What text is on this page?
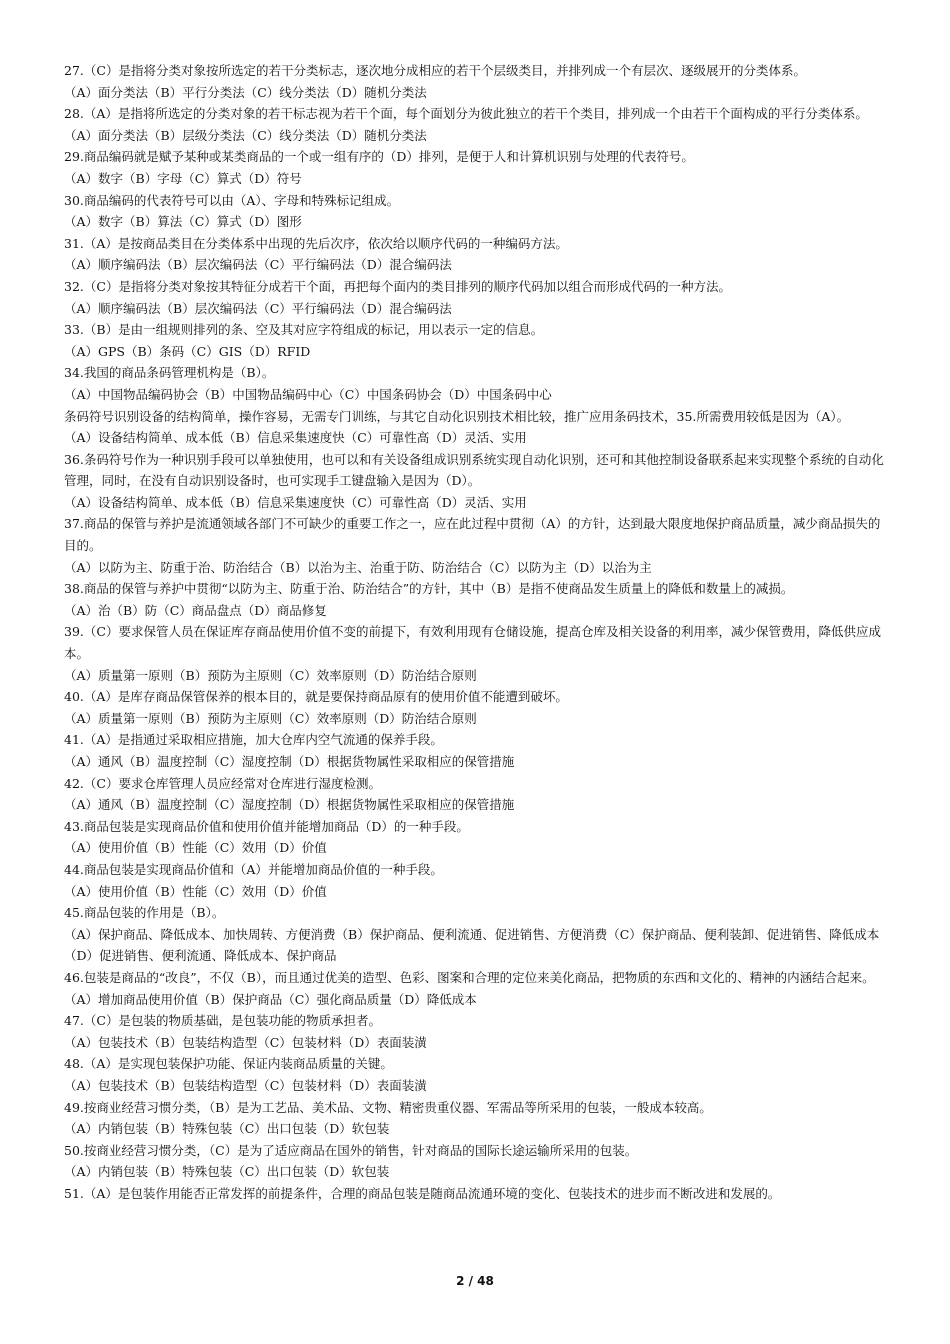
27.（C）是指将分类对象按所选定的若干分类标志，逐次地分成相应的若干个层级类目，并排列成一个有层次、逐级展开的分类体系。

（A）面分类法（B）平行分类法（C）线分类法（D）随机分类法

28.（A）是指将所选定的分类对象的若干标志视为若干个面，每个面划分为彼此独立的若干个类目，排列成一个由若干个面构成的平行分类体系。

（A）面分类法（B）层级分类法（C）线分类法（D）随机分类法

29.商品编码就是赋予某种或某类商品的一个或一组有序的（D）排列，是便于人和计算机识别与处理的代表符号。

（A）数字（B）字母（C）算式（D）符号

30.商品编码的代表符号可以由（A）、字母和特殊标记组成。

（A）数字（B）算法（C）算式（D）图形

31.（A）是按商品类目在分类体系中出现的先后次序，依次给以顺序代码的一种编码方法。

（A）顺序编码法（B）层次编码法（C）平行编码法（D）混合编码法

32.（C）是指将分类对象按其特征分成若干个面，再把每个面内的类目排列的顺序代码加以组合而形成代码的一种方法。

（A）顺序编码法（B）层次编码法（C）平行编码法（D）混合编码法

33.（B）是由一组规则排列的条、空及其对应字符组成的标记，用以表示一定的信息。

（A）GPS（B）条码（C）GIS（D）RFID

34.我国的商品条码管理机构是（B）。

（A）中国物品编码协会（B）中国物品编码中心（C）中国条码协会（D）中国条码中心

条码符号识别设备的结构简单，操作容易，无需专门训练，与其它自动化识别技术相比较，推广应用条码技术，35.所需费用较低是因为（A）。

（A）设备结构简单、成本低（B）信息采集速度快（C）可靠性高（D）灵活、实用

36.条码符号作为一种识别手段可以单独使用，也可以和有关设备组成识别系统实现自动化识别，还可和其他控制设备联系起来实现整个系统的自动化管理，同时，在没有自动识别设备时，也可实现手工键盘输入是因为（D）。

（A）设备结构简单、成本低（B）信息采集速度快（C）可靠性高（D）灵活、实用

37.商品的保管与养护是流通领域各部门不可缺少的重要工作之一，应在此过程中贯彻（A）的方针，达到最大限度地保护商品质量，减少商品损失的目的。

（A）以防为主、防重于治、防治结合（B）以治为主、治重于防、防治结合（C）以防为主（D）以治为主

38.商品的保管与养护中贯彻“以防为主、防重于治、防治结合”的方针，其中（B）是指不使商品发生质量上的降低和数量上的减损。

（A）治（B）防（C）商品盘点（D）商品修复

39.（C）要求保管人员在保证库存商品使用价值不变的前提下，有效利用现有仓储设施，提高仓库及相关设备的利用率，减少保管费用，降低供应成本。

（A）质量第一原则（B）预防为主原则（C）效率原则（D）防治结合原则

40.（A）是库存商品保管保养的根本目的，就是要保持商品原有的使用价值不能遭到破坏。

（A）质量第一原则（B）预防为主原则（C）效率原则（D）防治结合原则

41.（A）是指通过采取相应措施，加大仓库内空气流通的保养手段。

（A）通风（B）温度控制（C）湿度控制（D）根据货物属性采取相应的保管措施

42.（C）要求仓库管理人员应经常对仓库进行湿度检测。

（A）通风（B）温度控制（C）湿度控制（D）根据货物属性采取相应的保管措施

43.商品包装是实现商品价值和使用价值并能增加商品（D）的一种手段。

（A）使用价值（B）性能（C）效用（D）价值

44.商品包装是实现商品价值和（A）并能增加商品价值的一种手段。

（A）使用价值（B）性能（C）效用（D）价值

45.商品包装的作用是（B）。

（A）保护商品、降低成本、加快周转、方便消费（B）保护商品、便利流通、促进销售、方便消费（C）保护商品、便利装卸、促进销售、降低成本（D）促进销售、便利流通、降低成本、保护商品

46.包装是商品的“改良”，不仅（B），而且通过优美的造型、色彩、图案和合理的定位来美化商品，把物质的东西和文化的、精神的内涵结合起来。

（A）增加商品使用价值（B）保护商品（C）强化商品质量（D）降低成本

47.（C）是包装的物质基础，是包装功能的物质承担者。

（A）包装技术（B）包装结构造型（C）包装材料（D）表面装潢

48.（A）是实现包装保护功能、保证内装商品质量的关键。

（A）包装技术（B）包装结构造型（C）包装材料（D）表面装潢

49.按商业经营习惯分类，（B）是为工艺品、美术品、文物、精密贵重仪器、军需品等所采用的包装，一般成本较高。

（A）内销包装（B）特殊包装（C）出口包装（D）软包装

50.按商业经营习惯分类，（C）是为了适应商品在国外的销售，针对商品的国际长途运输所采用的包装。

（A）内销包装（B）特殊包装（C）出口包装（D）软包装

51.（A）是包装作用能否正常发挥的前提条件，合理的商品包装是随商品流通环境的变化、包装技术的进步而不断改进和发展的。

2 / 48
